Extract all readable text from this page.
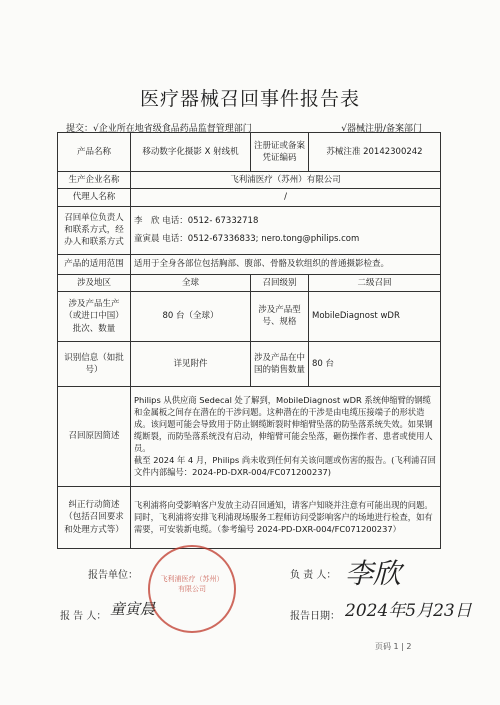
医疗器械召回事件报告表
提交：√企业所在地省级食品药品监督管理部门	√器械注册/备案部门
产品名称	移动数字化摄影 X 射线机	注册证或备案凭证编码	苏械注准 20142300242
生产企业名称	飞利浦医疗（苏州）有限公司		
代理人名称	/		
召回单位负责人和联系方式，经办人和联系方式	李　欣 电话：0512- 67332718
童寅晨 电话：0512-67336833; nero.tong@philips.com		

产品的适用范围	适用于全身各部位包括胸部、腹部、骨骼及软组织的普通摄影检查。		
涉及地区	全球	召回级别	二级召回
涉及产品生产（或进口中国）批次、数量	80 台（全球）	涉及产品型号、规格	MobileDiagnost wDR
识别信息（如批号）	详见附件	涉及产品在中国的销售数量	80 台
召回原因简述	Philips 从供应商 Sedecal 处了解到，MobileDiagnost wDR 系统伸缩臂的钢缆和金属板之间存在潜在的干涉问题。这种潜在的干涉是由电缆压接端子的形状造成。该问题可能会导致用于防止钢缆断裂时伸缩臂坠落的防坠落系统失效。如果钢缆断裂，而防坠落系统没有启动，伸缩臂可能会坠落，砸伤操作者、患者或使用人员。
截至 2024 年 4 月，Philips 尚未收到任何有关该问题或伤害的报告。(飞利浦召回文件内部编号：2024-PD-DXR-004/FC071200237)		

纠正行动简述（包括召回要求和处理方式等）	飞利浦将向受影响客户发放主动召回通知，请客户知晓并注意有可能出现的问题。同时，飞利浦将安排飞利浦现场服务工程师访问受影响客户的场地进行检查，如有需要，可安装新电缆。（参考编号 2024-PD-DXR-004/FC071200237）		
报告单位：	飞利浦医疗（苏州）有限公司
负 责 人： 李欣
报 告 人： 童寅晨	报告日期： 2024年5月23日
页码 1 | 2
